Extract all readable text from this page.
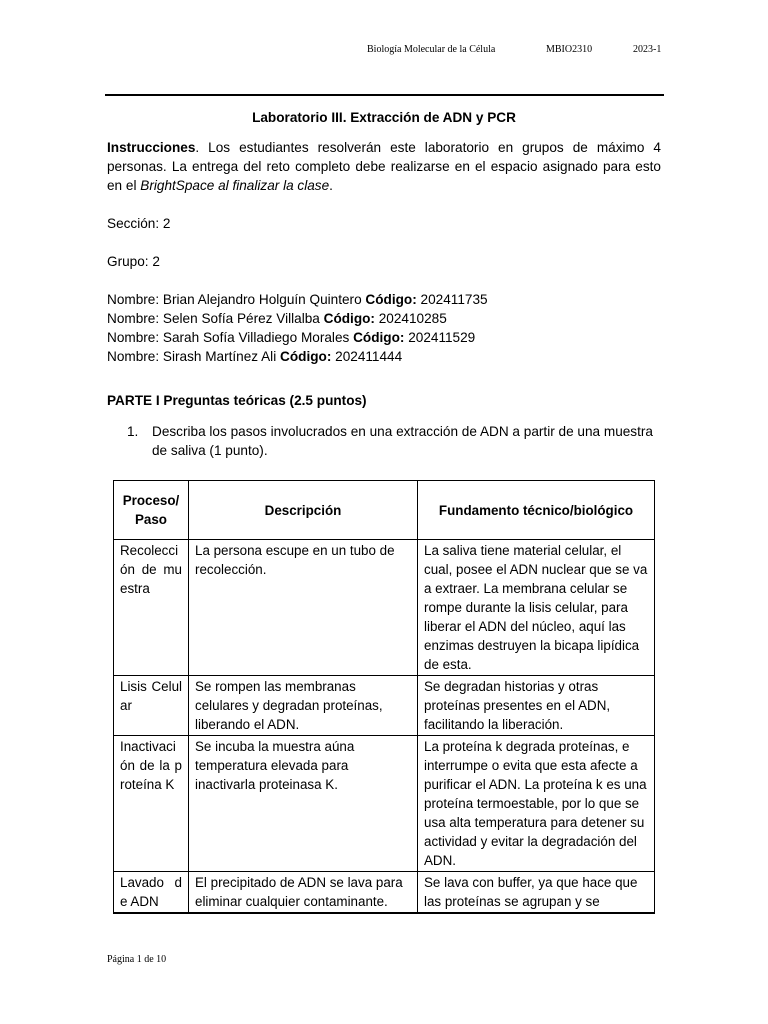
Biología Molecular de la Célula	MBIO2310	2023-1

Laboratorio III. Extracción de ADN y PCR

Instrucciones. Los estudiantes resolverán este laboratorio en grupos de máximo 4 personas. La entrega del reto completo debe realizarse en el espacio asignado para esto en el BrightSpace al finalizar la clase.

Sección: 2

Grupo: 2

Nombre: Brian Alejandro Holguín Quintero Código: 202411735

Nombre: Selen Sofía Pérez Villalba Código: 202410285

Nombre: Sarah Sofía Villadiego Morales Código: 202411529

Nombre: Sirash Martínez Ali Código: 202411444

PARTE I Preguntas teóricas (2.5 puntos)
1.	Describa los pasos involucrados en una extracción de ADN a partir de una muestra de saliva (1 punto).
Proceso/ Paso	Descripción	Fundamento técnico/biológico
Recolección de muestra	La persona escupe en un tubo de recolección.	La saliva tiene material celular, el cual, posee el ADN nuclear que se va a extraer. La membrana celular se rompe durante la lisis celular, para liberar el ADN del núcleo, aquí las enzimas destruyen la bicapa lipídica de esta.
Lisis Celular	Se rompen las membranas celulares y degradan proteínas, liberando el ADN.	Se degradan historias y otras proteínas presentes en el ADN, facilitando la liberación.
Inactivación de la proteína K	Se incuba la muestra aúna temperatura elevada para inactivarla proteinasa K.	La proteína k degrada proteínas, e interrumpe o evita que esta afecte a purificar el ADN. La proteína k es una proteína termoestable, por lo que se usa alta temperatura para detener su actividad y evitar la degradación del ADN.
Lavado de ADN	El precipitado de ADN se lava para eliminar cualquier contaminante.	Se lava con buffer, ya que hace que las proteínas se agrupan y se
Página 1 de 10
